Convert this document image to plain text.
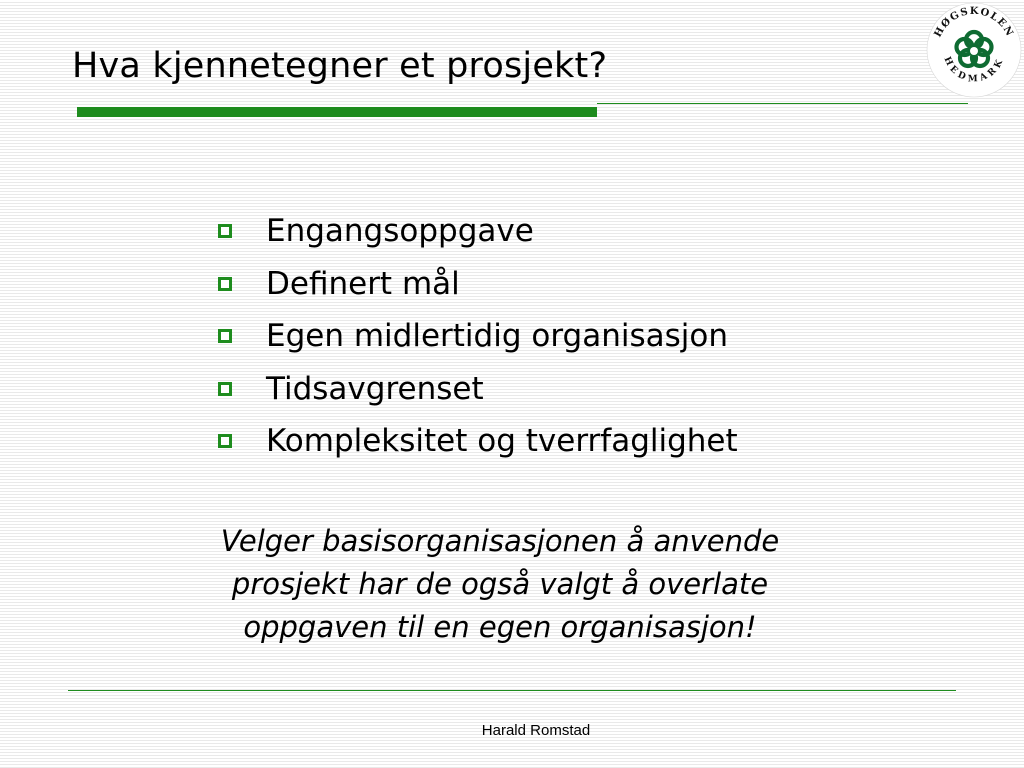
Hva kjennetegner et prosjekt?
HØGSKOLEN
HEDMARK
Engangsoppgave
Definert mål
Egen midlertidig organisasjon
Tidsavgrenset
Kompleksitet og tverrfaglighet

Velger basisorganisasjonen å anvende
prosjekt har de også valgt å overlate
oppgaven til en egen organisasjon!

Harald Romstad
